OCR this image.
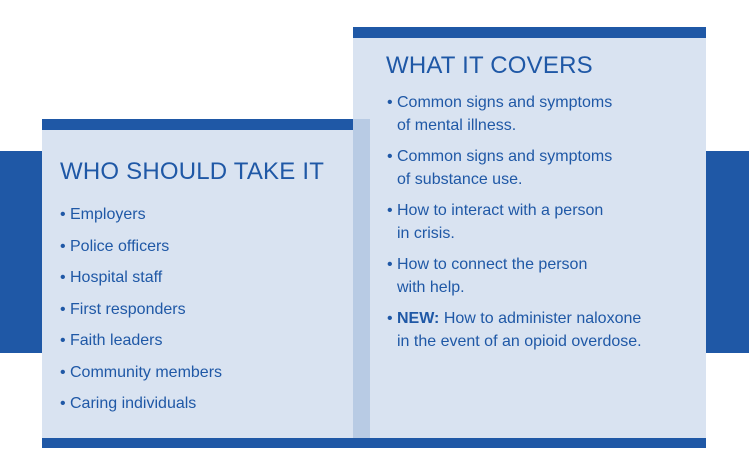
WHO SHOULD TAKE IT
• Employers
• Police officers
• Hospital staff
• First responders
• Faith leaders
• Community members
• Caring individuals
WHAT IT COVERS
• Common signs and symptoms
of mental illness.
• Common signs and symptoms
of substance use.
• How to interact with a person
in crisis.
• How to connect the person
with help.
• NEW: How to administer naloxone
in the event of an opioid overdose.
